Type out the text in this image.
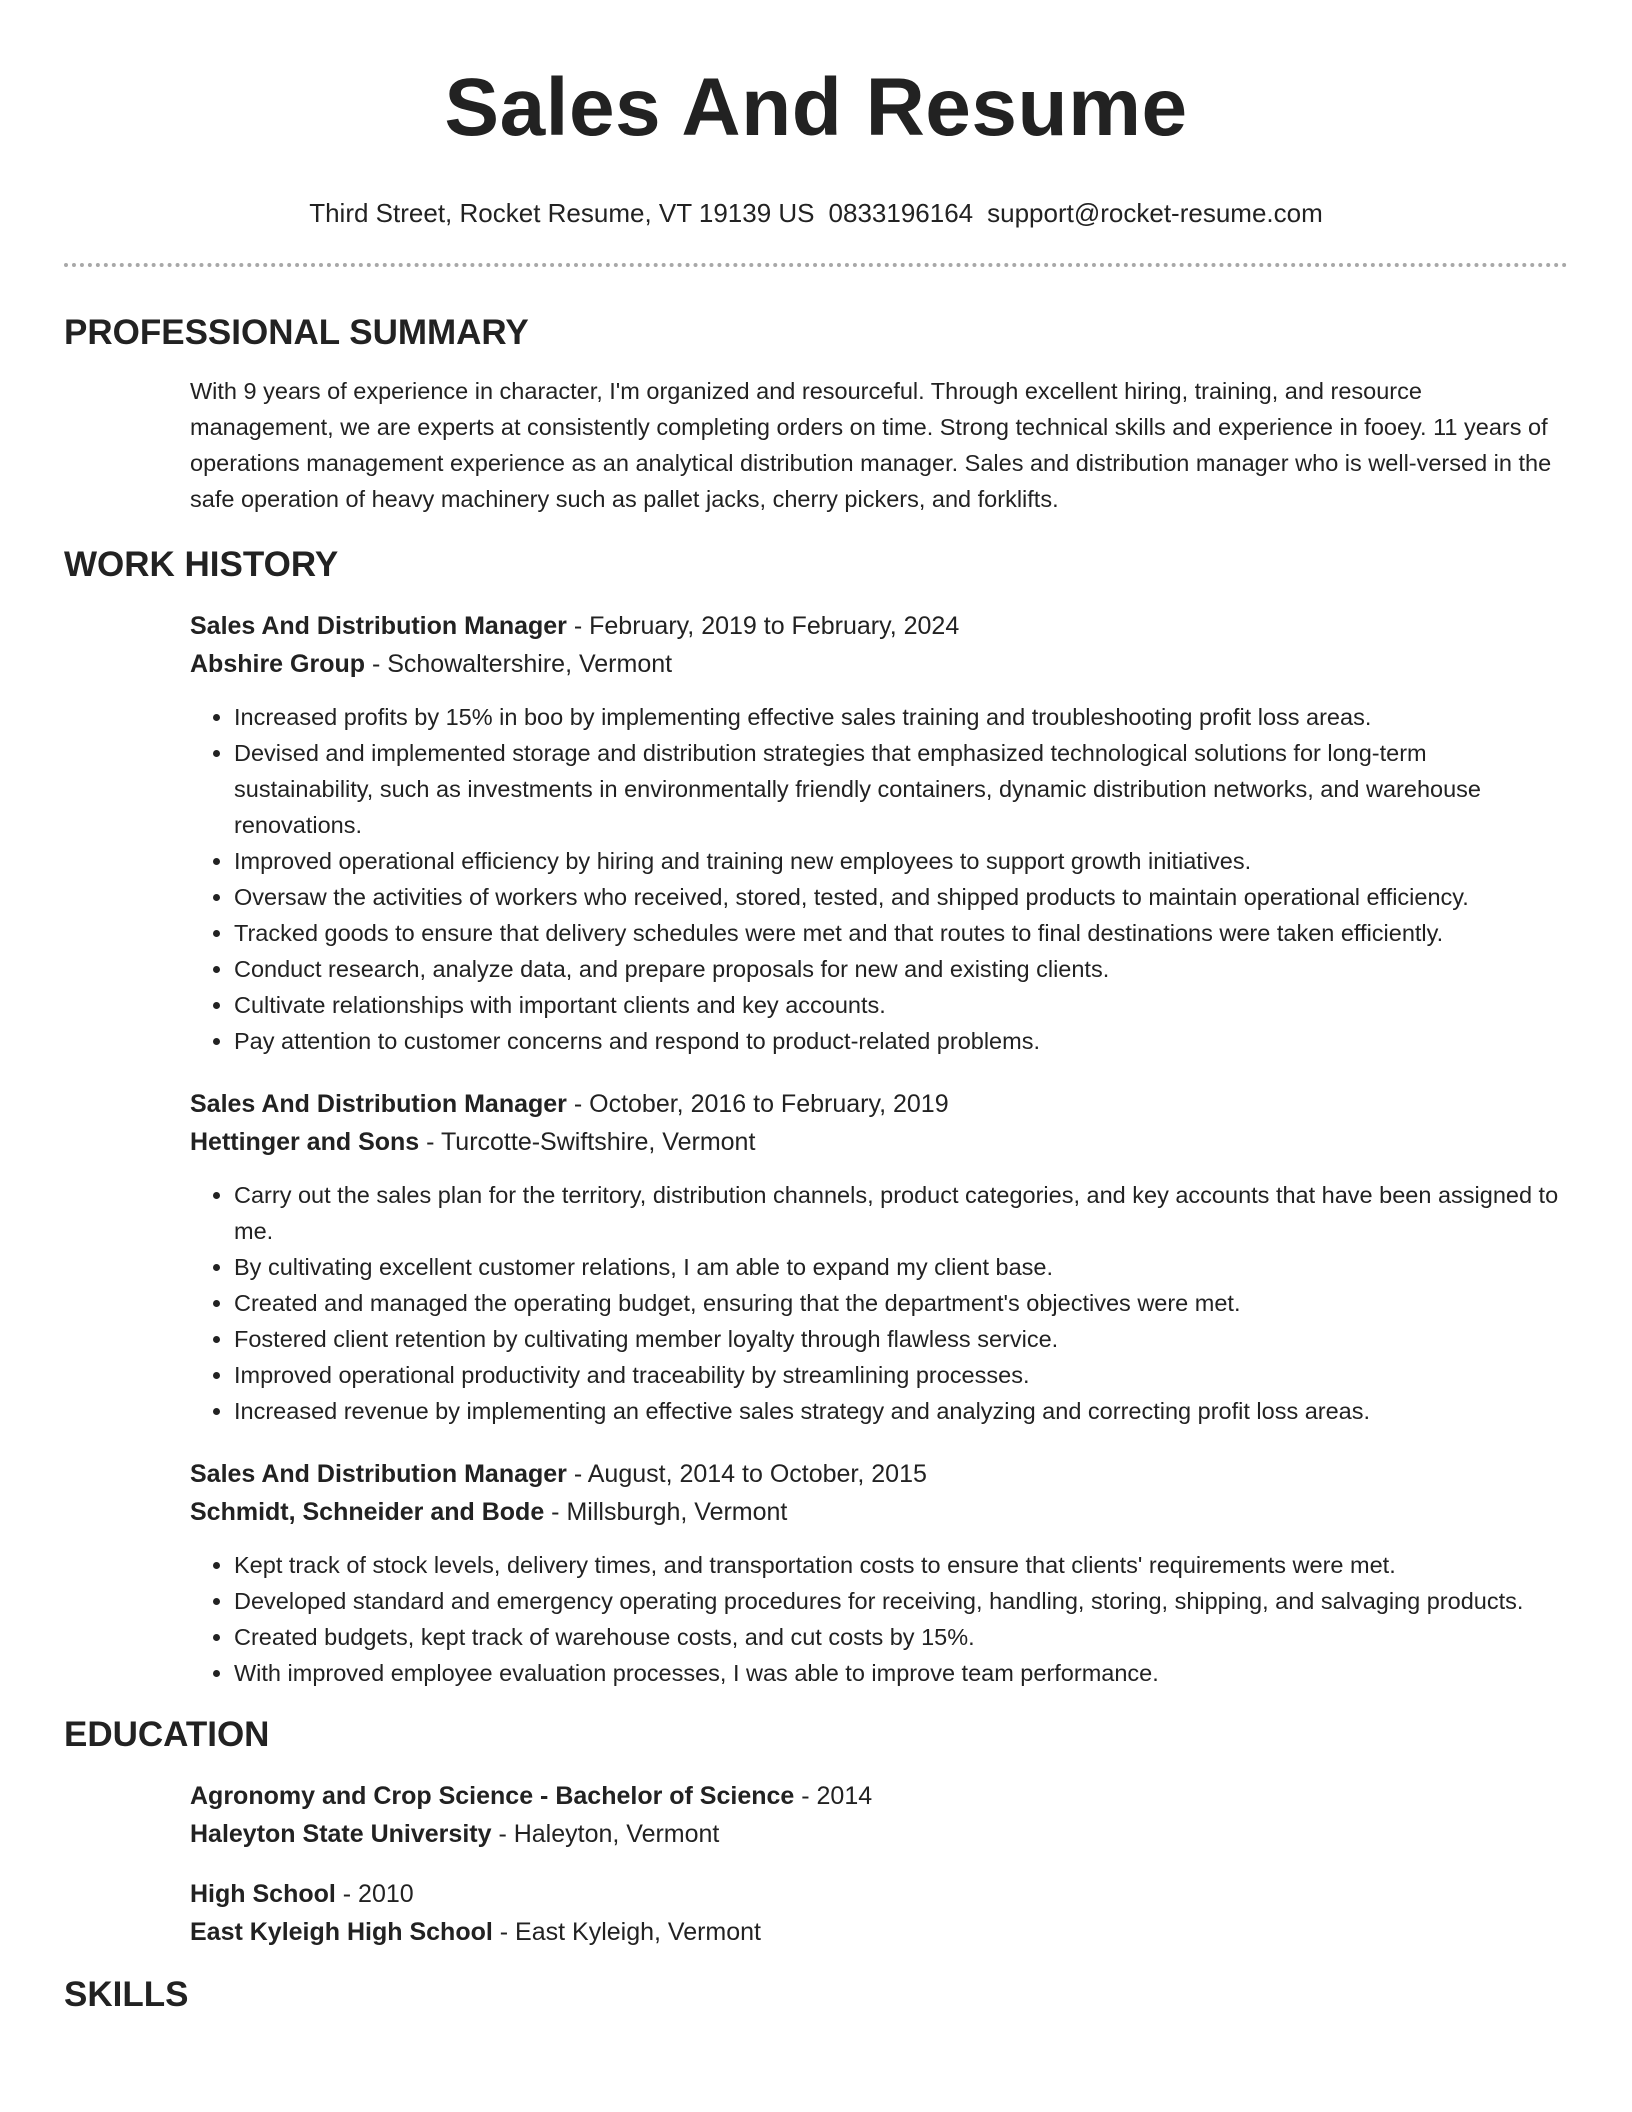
Sales And Resume
Third Street, Rocket Resume, VT 19139 US 0833196164 support@rocket-resume.com
PROFESSIONAL SUMMARY

With 9 years of experience in character, I'm organized and resourceful. Through excellent hiring, training, and resource management, we are experts at consistently completing orders on time. Strong technical skills and experience in fooey. 11 years of operations management experience as an analytical distribution manager. Sales and distribution manager who is well-versed in the safe operation of heavy machinery such as pallet jacks, cherry pickers, and forklifts.

WORK HISTORY
Sales And Distribution Manager - February, 2019 to February, 2024
Abshire Group - Schowaltershire, Vermont
• Increased profits by 15% in boo by implementing effective sales training and troubleshooting profit loss areas.
• Devised and implemented storage and distribution strategies that emphasized technological solutions for long-term sustainability, such as investments in environmentally friendly containers, dynamic distribution networks, and warehouse renovations.
• Improved operational efficiency by hiring and training new employees to support growth initiatives.
• Oversaw the activities of workers who received, stored, tested, and shipped products to maintain operational efficiency.
• Tracked goods to ensure that delivery schedules were met and that routes to final destinations were taken efficiently.
• Conduct research, analyze data, and prepare proposals for new and existing clients.
• Cultivate relationships with important clients and key accounts.
• Pay attention to customer concerns and respond to product-related problems.
Sales And Distribution Manager - October, 2016 to February, 2019
Hettinger and Sons - Turcotte-Swiftshire, Vermont
• Carry out the sales plan for the territory, distribution channels, product categories, and key accounts that have been assigned to me.
• By cultivating excellent customer relations, I am able to expand my client base.
• Created and managed the operating budget, ensuring that the department's objectives were met.
• Fostered client retention by cultivating member loyalty through flawless service.
• Improved operational productivity and traceability by streamlining processes.
• Increased revenue by implementing an effective sales strategy and analyzing and correcting profit loss areas.
Sales And Distribution Manager - August, 2014 to October, 2015
Schmidt, Schneider and Bode - Millsburgh, Vermont
• Kept track of stock levels, delivery times, and transportation costs to ensure that clients' requirements were met.
• Developed standard and emergency operating procedures for receiving, handling, storing, shipping, and salvaging products.
• Created budgets, kept track of warehouse costs, and cut costs by 15%.
• With improved employee evaluation processes, I was able to improve team performance.
EDUCATION
Agronomy and Crop Science - Bachelor of Science - 2014
Haleyton State University - Haleyton, Vermont
High School - 2010
East Kyleigh High School - East Kyleigh, Vermont
SKILLS
